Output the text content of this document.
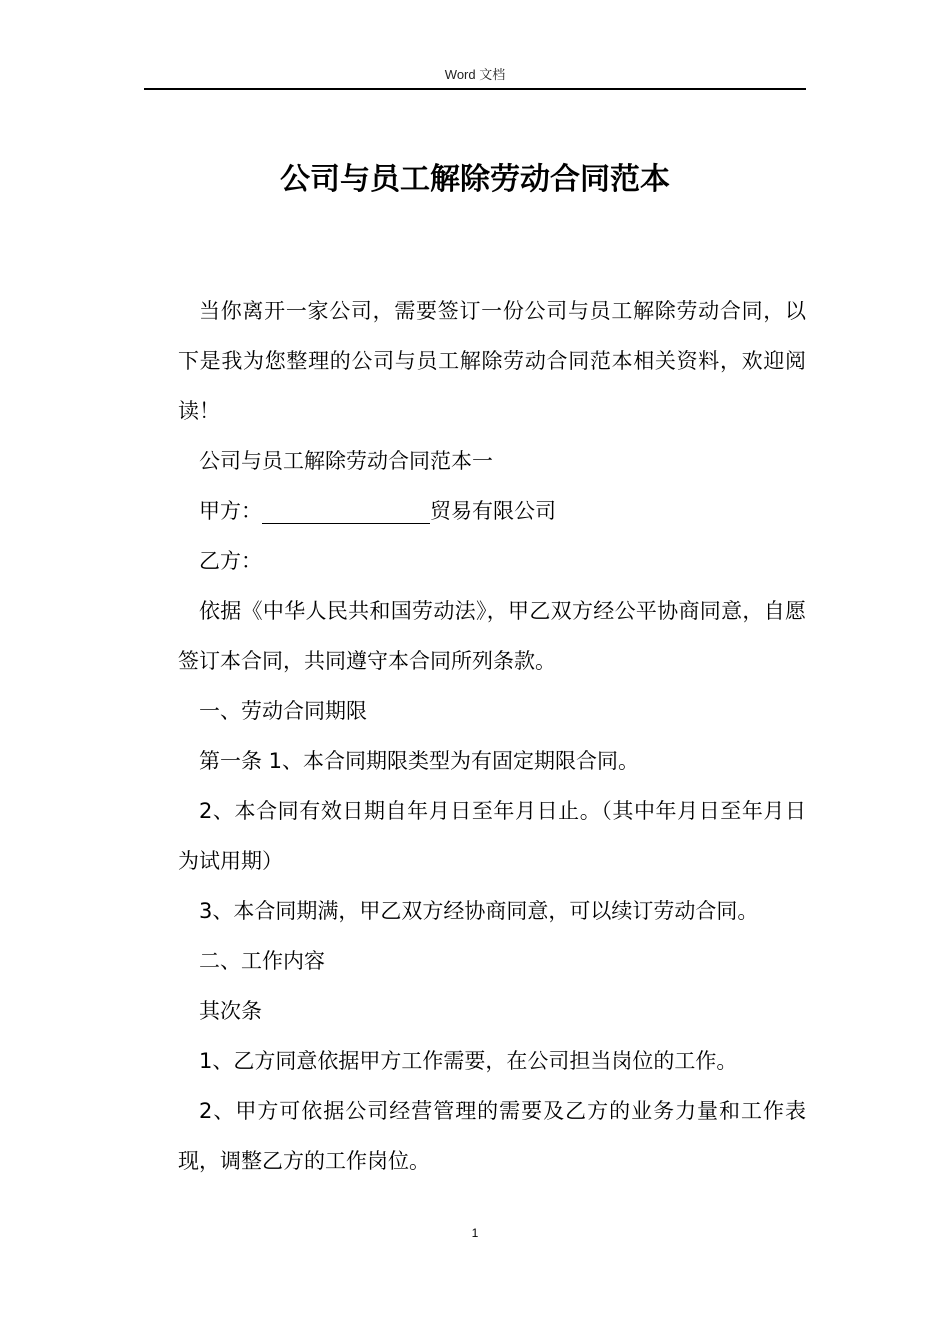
Word 文档
公司与员工解除劳动合同范本

当你离开一家公司，需要签订一份公司与员工解除劳动合同，以下是我为您整理的公司与员工解除劳动合同范本相关资料，欢迎阅读！

公司与员工解除劳动合同范本一

甲方：	贸易有限公司

乙方：

依据《中华人民共和国劳动法》，甲乙双方经公平协商同意，自愿签订本合同，共同遵守本合同所列条款。

一、劳动合同期限

第一条 1、本合同期限类型为有固定期限合同。

2、本合同有效日期自年月日至年月日止。（其中年月日至年月日为试用期）

3、本合同期满，甲乙双方经协商同意，可以续订劳动合同。

二、工作内容

其次条

1、乙方同意依据甲方工作需要，在公司担当岗位的工作。

2、甲方可依据公司经营管理的需要及乙方的业务力量和工作表现，调整乙方的工作岗位。

1
